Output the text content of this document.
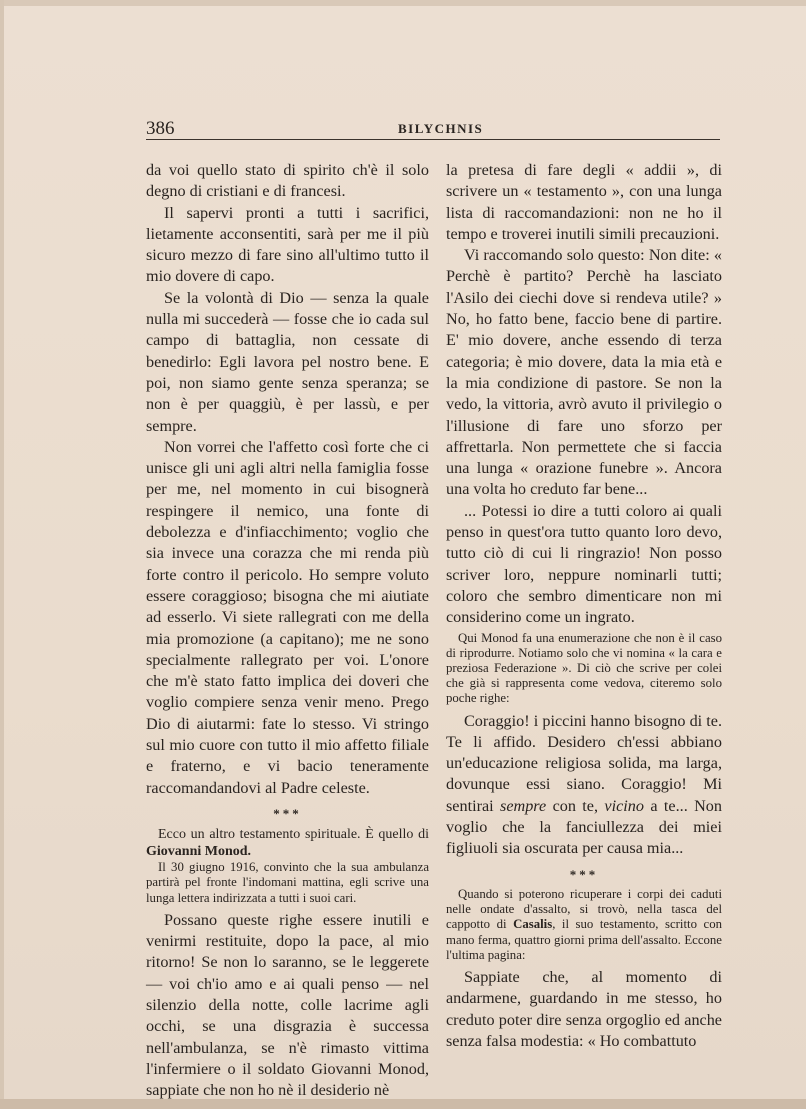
386	BILYCHNIS

da voi quello stato di spirito ch'è il solo degno di cristiani e di francesi.

Il sapervi pronti a tutti i sacrifici, lietamente acconsentiti, sarà per me il più sicuro mezzo di fare sino all'ultimo tutto il mio dovere di capo.

Se la volontà di Dio — senza la quale nulla mi succederà — fosse che io cada sul campo di battaglia, non cessate di benedirlo: Egli lavora pel nostro bene. E poi, non siamo gente senza speranza; se non è per quaggiù, è per lassù, e per sempre.

Non vorrei che l'affetto così forte che ci unisce gli uni agli altri nella famiglia fosse per me, nel momento in cui bisognerà respingere il nemico, una fonte di debolezza e d'infiacchimento; voglio che sia invece una corazza che mi renda più forte contro il pericolo. Ho sempre voluto essere coraggioso; bisogna che mi aiutiate ad esserlo. Vi siete rallegrati con me della mia promozione (a capitano); me ne sono specialmente rallegrato per voi. L'onore che m'è stato fatto implica dei doveri che voglio compiere senza venir meno. Prego Dio di aiutarmi: fate lo stesso. Vi stringo sul mio cuore con tutto il mio affetto filiale e fraterno, e vi bacio teneramente raccomandandovi al Padre celeste.

***

Ecco un altro testamento spirituale. È quello di Giovanni Monod.

Il 30 giugno 1916, convinto che la sua ambulanza partirà pel fronte l'indomani mattina, egli scrive una lunga lettera indirizzata a tutti i suoi cari.

Possano queste righe essere inutili e venirmi restituite, dopo la pace, al mio ritorno! Se non lo saranno, se le leggerete — voi ch'io amo e ai quali penso — nel silenzio della notte, colle lacrime agli occhi, se una disgrazia è successa nell'ambulanza, se n'è rimasto vittima l'infermiere o il soldato Giovanni Monod, sappiate che non ho nè il desiderio nè

la pretesa di fare degli « addii », di scrivere un « testamento », con una lunga lista di raccomandazioni: non ne ho il tempo e troverei inutili simili precauzioni.

Vi raccomando solo questo: Non dite: « Perchè è partito? Perchè ha lasciato l'Asilo dei ciechi dove si rendeva utile? » No, ho fatto bene, faccio bene di partire. E' mio dovere, anche essendo di terza categoria; è mio dovere, data la mia età e la mia condizione di pastore. Se non la vedo, la vittoria, avrò avuto il privilegio o l'illusione di fare uno sforzo per affrettarla. Non permettete che si faccia una lunga « orazione funebre ». Ancora una volta ho creduto far bene...

... Potessi io dire a tutti coloro ai quali penso in quest'ora tutto quanto loro devo, tutto ciò di cui li ringrazio! Non posso scriver loro, neppure nominarli tutti; coloro che sembro dimenticare non mi considerino come un ingrato.

Qui Monod fa una enumerazione che non è il caso di riprodurre. Notiamo solo che vi nomina « la cara e preziosa Federazione ». Di ciò che scrive per colei che già si rappresenta come vedova, citeremo solo poche righe:

Coraggio! i piccini hanno bisogno di te. Te li affido. Desidero ch'essi abbiano un'educazione religiosa solida, ma larga, dovunque essi siano. Coraggio! Mi sentirai sempre con te, vicino a te... Non voglio che la fanciullezza dei miei figliuoli sia oscurata per causa mia...

***

Quando si poterono ricuperare i corpi dei caduti nelle ondate d'assalto, si trovò, nella tasca del cappotto di Casalis, il suo testamento, scritto con mano ferma, quattro giorni prima dell'assalto. Eccone l'ultima pagina:

Sappiate che, al momento di andarmene, guardando in me stesso, ho creduto poter dire senza orgoglio ed anche senza falsa modestia: « Ho combattuto
